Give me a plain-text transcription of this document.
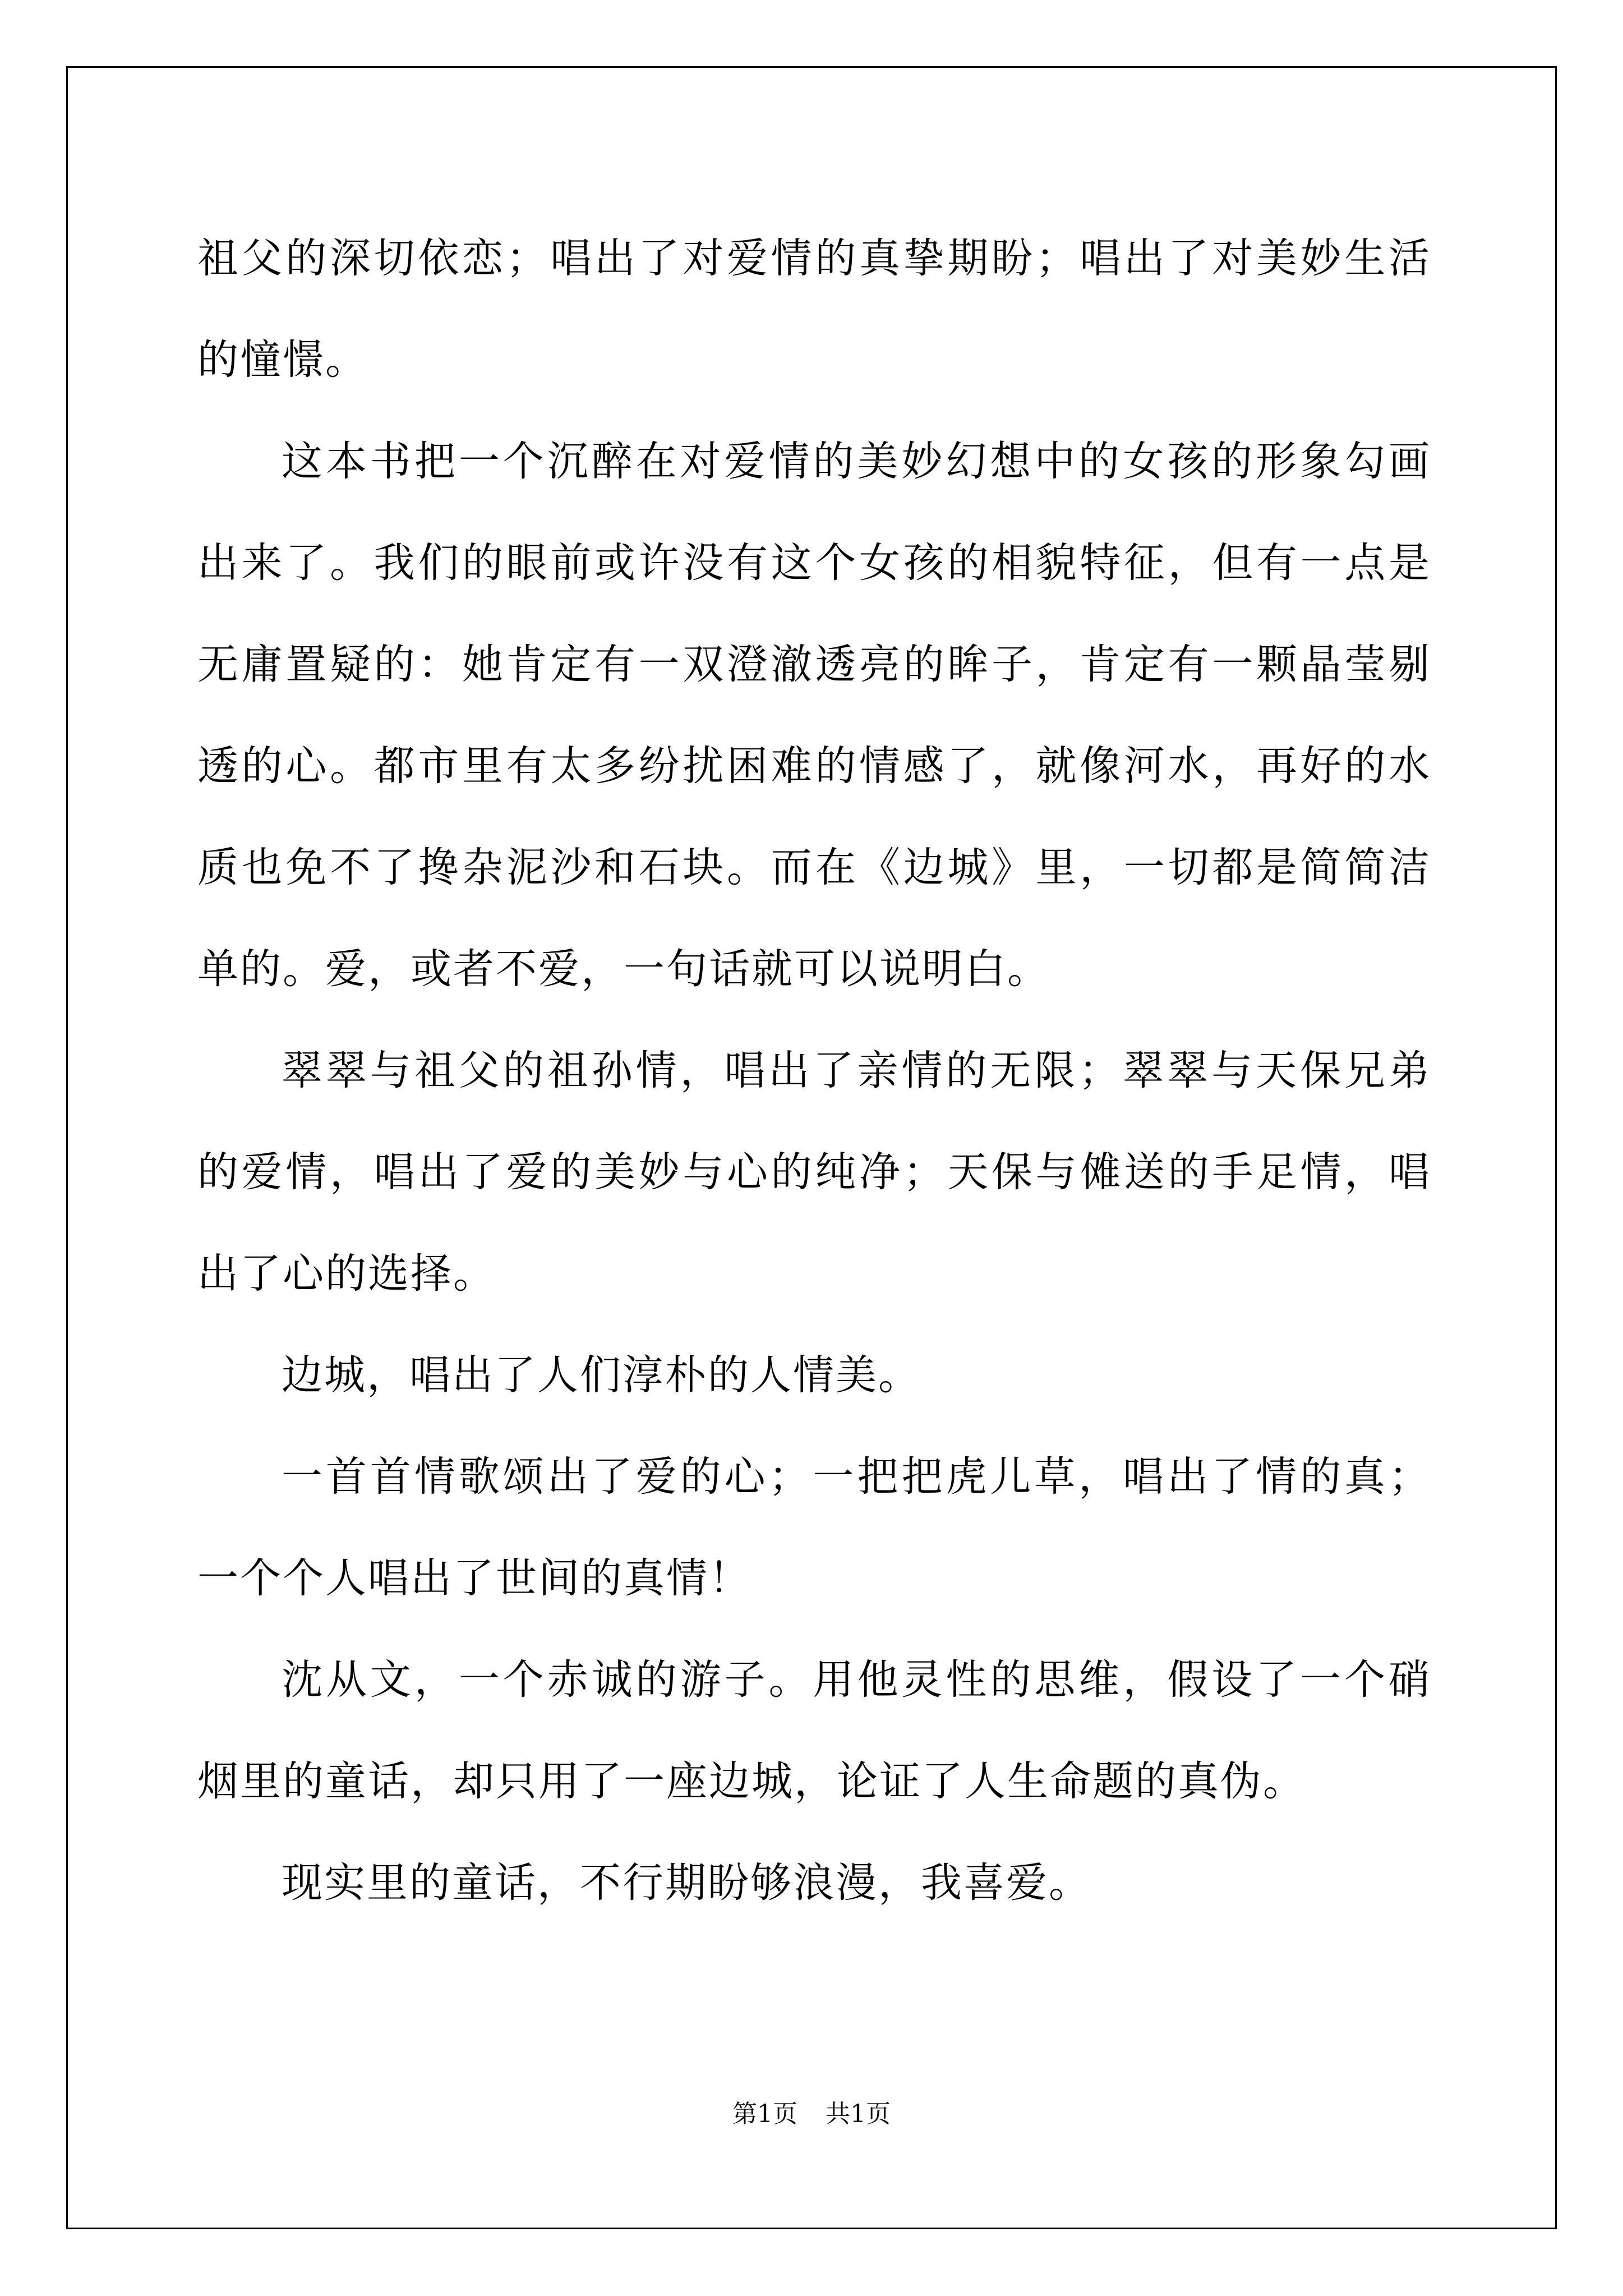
祖父的深切依恋；唱出了对爱情的真挚期盼；唱出了对美妙生活的憧憬。

这本书把一个沉醉在对爱情的美妙幻想中的女孩的形象勾画出来了。我们的眼前或许没有这个女孩的相貌特征，但有一点是无庸置疑的：她肯定有一双澄澈透亮的眸子，肯定有一颗晶莹剔透的心。都市里有太多纷扰困难的情感了，就像河水，再好的水质也免不了搀杂泥沙和石块。而在《边城》里，一切都是简简洁单的。爱，或者不爱，一句话就可以说明白。

翠翠与祖父的祖孙情，唱出了亲情的无限；翠翠与天保兄弟的爱情，唱出了爱的美妙与心的纯净；天保与傩送的手足情，唱出了心的选择。

边城，唱出了人们淳朴的人情美。

一首首情歌颂出了爱的心；一把把虎儿草，唱出了情的真；一个个人唱出了世间的真情！

沈从文，一个赤诚的游子。用他灵性的思维，假设了一个硝烟里的童话，却只用了一座边城，论证了人生命题的真伪。

现实里的童话，不行期盼够浪漫，我喜爱。

第1页 共1页
